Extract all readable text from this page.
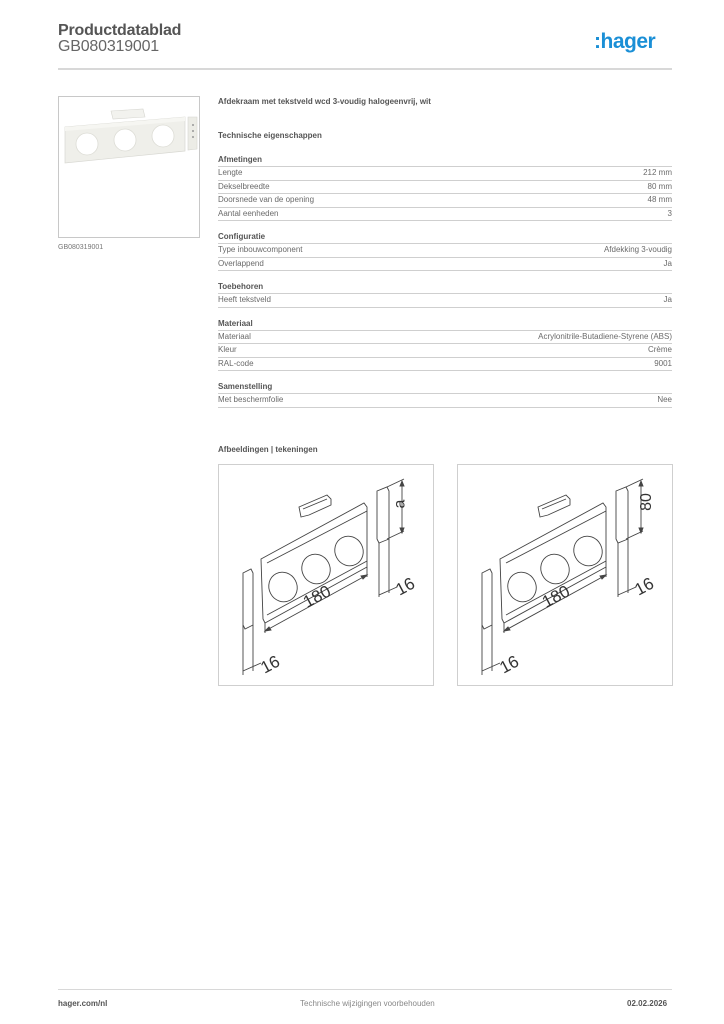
Productdatablad
GB080319001	:hager
GB080319001
Afdekraam met tekstveld wcd 3-voudig halogeenvrij, wit
Technische eigenschappen
Afmetingen
Lengte	212 mm
Dekselbreedte	80 mm
Doorsnede van de opening	48 mm
Aantal eenheden	3
Configuratie
Type inbouwcomponent	Afdekking 3-voudig
Overlappend	Ja
Toebehoren
Heeft tekstveld	Ja
Materiaal
Materiaal	Acrylonitrile-Butadiene-Styrene (ABS)
Kleur	Crème
RAL-code	9001
Samenstelling
Met beschermfolie	Nee
Afbeeldingen | tekeningen
a
180	16
16
80
180	16
16
hager.com/nl	Technische wijzigingen voorbehouden	02.02.2026
